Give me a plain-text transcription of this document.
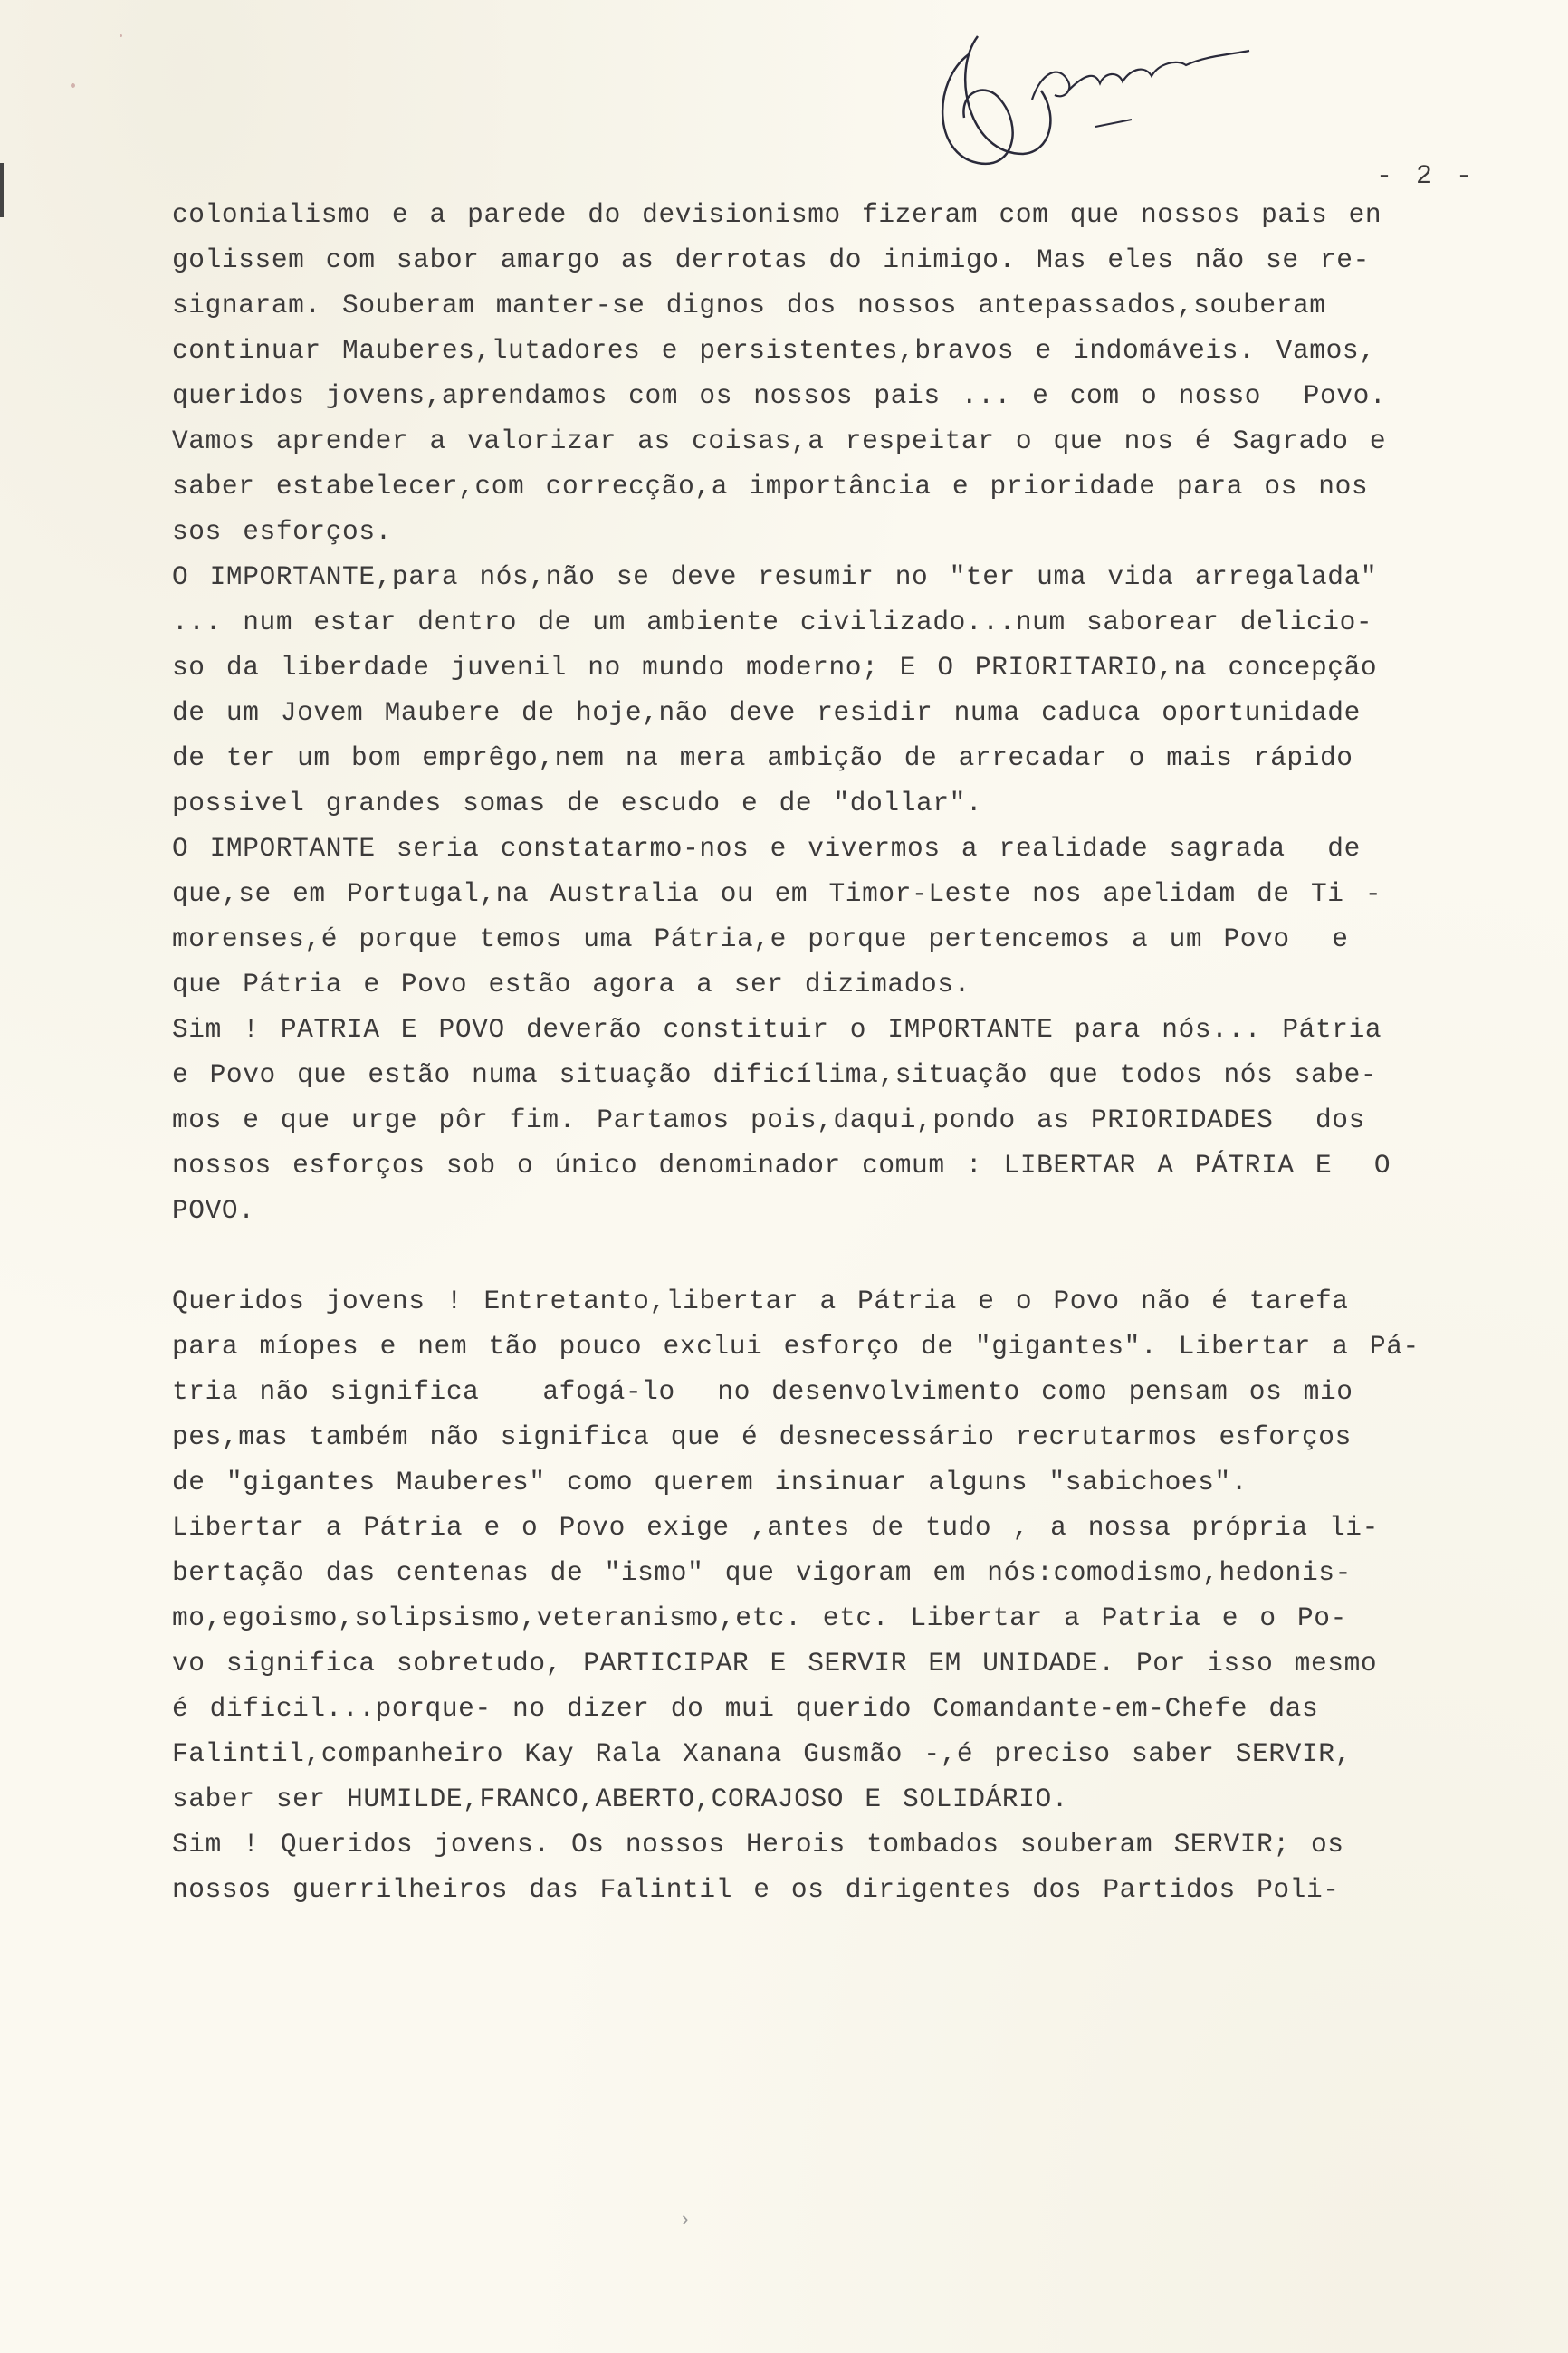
- 2 -
colonialismo e a parede do devisionismo fizeram com que nossos pais en
golissem com sabor amargo as derrotas do inimigo. Mas eles não se re-
signaram. Souberam manter-se dignos dos nossos antepassados,souberam
continuar Mauberes,lutadores e persistentes,bravos e indomáveis. Vamos,
queridos jovens,aprendamos com os nossos pais ... e com o nosso  Povo.
Vamos aprender a valorizar as coisas,a respeitar o que nos é Sagrado e
saber estabelecer,com correcção,a importância e prioridade para os nos
sos esforços.
O IMPORTANTE,para nós,não se deve resumir no "ter uma vida arregalada"
... num estar dentro de um ambiente civilizado...num saborear delicio-
so da liberdade juvenil no mundo moderno; E O PRIORITARIO,na concepção
de um Jovem Maubere de hoje,não deve residir numa caduca oportunidade
de ter um bom emprêgo,nem na mera ambição de arrecadar o mais rápido
possivel grandes somas de escudo e de "dollar".
O IMPORTANTE seria constatarmo-nos e vivermos a realidade sagrada  de
que,se em Portugal,na Australia ou em Timor-Leste nos apelidam de Ti -
morenses,é porque temos uma Pátria,e porque pertencemos a um Povo  e
que Pátria e Povo estão agora a ser dizimados.
Sim ! PATRIA E POVO deverão constituir o IMPORTANTE para nós... Pátria
e Povo que estão numa situação dificílima,situação que todos nós sabe-
mos e que urge pôr fim. Partamos pois,daqui,pondo as PRIORIDADES  dos
nossos esforços sob o único denominador comum : LIBERTAR A PÁTRIA E  O
POVO.
Queridos jovens ! Entretanto,libertar a Pátria e o Povo não é tarefa
para míopes e nem tão pouco exclui esforço de "gigantes". Libertar a Pá-
tria não significa   afogá-lo  no desenvolvimento como pensam os mio
pes,mas também não significa que é desnecessário recrutarmos esforços
de "gigantes Mauberes" como querem insinuar alguns "sabichoes".
Libertar a Pátria e o Povo exige ,antes de tudo , a nossa própria li-
bertação das centenas de "ismo" que vigoram em nós:comodismo,hedonis-
mo,egoismo,solipsismo,veteranismo,etc. etc. Libertar a Patria e o Po-
vo significa sobretudo, PARTICIPAR E SERVIR EM UNIDADE. Por isso mesmo
é dificil...porque- no dizer do mui querido Comandante-em-Chefe das
Falintil,companheiro Kay Rala Xanana Gusmão -,é preciso saber SERVIR,
saber ser HUMILDE,FRANCO,ABERTO,CORAJOSO E SOLIDÁRIO.
Sim ! Queridos jovens. Os nossos Herois tombados souberam SERVIR; os
nossos guerrilheiros das Falintil e os dirigentes dos Partidos Poli-
›
